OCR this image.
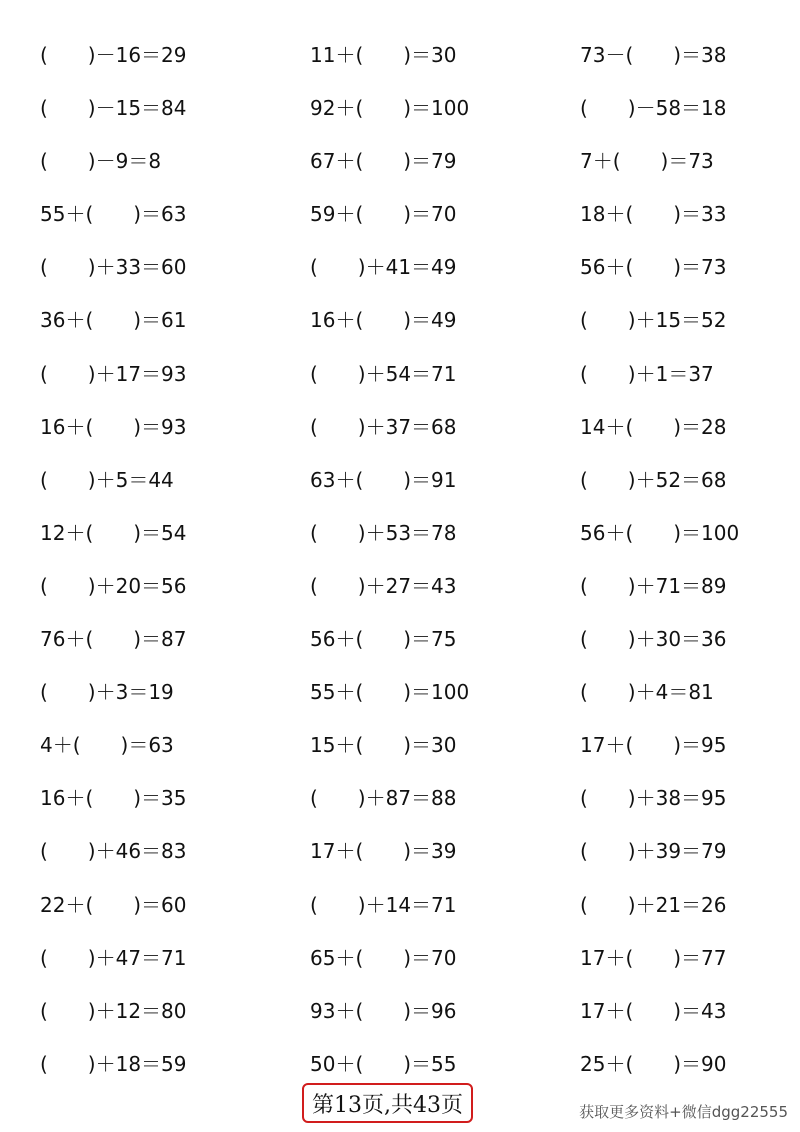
(　　)－16＝29	11＋(　　)＝30	73－(　　)＝38
(　　)－15＝84	92＋(　　)＝100	(　　)－58＝18
(　　)－9＝8	67＋(　　)＝79	7＋(　　)＝73
55＋(　　)＝63	59＋(　　)＝70	18＋(　　)＝33
(　　)＋33＝60	(　　)＋41＝49	56＋(　　)＝73
36＋(　　)＝61	16＋(　　)＝49	(　　)＋15＝52
(　　)＋17＝93	(　　)＋54＝71	(　　)＋1＝37
16＋(　　)＝93	(　　)＋37＝68	14＋(　　)＝28
(　　)＋5＝44	63＋(　　)＝91	(　　)＋52＝68
12＋(　　)＝54	(　　)＋53＝78	56＋(　　)＝100
(　　)＋20＝56	(　　)＋27＝43	(　　)＋71＝89
76＋(　　)＝87	56＋(　　)＝75	(　　)＋30＝36
(　　)＋3＝19	55＋(　　)＝100	(　　)＋4＝81
4＋(　　)＝63	15＋(　　)＝30	17＋(　　)＝95
16＋(　　)＝35	(　　)＋87＝88	(　　)＋38＝95
(　　)＋46＝83	17＋(　　)＝39	(　　)＋39＝79
22＋(　　)＝60	(　　)＋14＝71	(　　)＋21＝26
(　　)＋47＝71	65＋(　　)＝70	17＋(　　)＝77
(　　)＋12＝80	93＋(　　)＝96	17＋(　　)＝43
(　　)＋18＝59	50＋(　　)＝55	25＋(　　)＝90
第13页,共43页	获取更多资料+微信dgg22555
